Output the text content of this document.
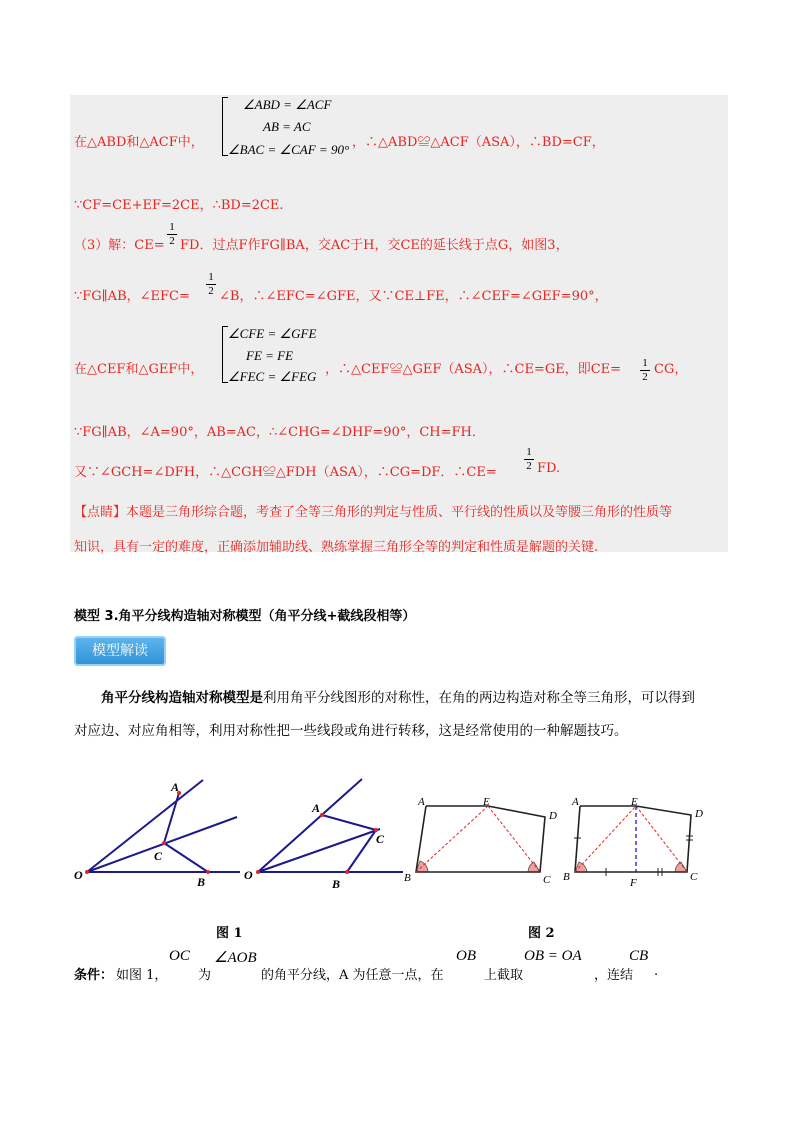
在△ABD和△ACF中，
∠ABD = ∠ACF
AB = AC
∠BAC = ∠CAF = 90° ，∴△ABD≌△ACF（ASA），∴BD=CF，
∵CF=CE+EF=2CE，∴BD=2CE.
（3）解：CE=
1
2 FD．过点F作FG∥BA，交AC于H，交CE的延长线于点G，如图3，
∵FG∥AB，∠EFC=
1
2 ∠B，∴∠EFC=∠GFE，又∵CE⊥FE，∴∠CEF=∠GEF=90°，
在△CEF和△GEF中，
∠CFE = ∠GFE
FE = FE
∠FEC = ∠FEG ，∴△CEF≌△GEF（ASA），∴CE=GE，即CE= 1
2 CG，
∵FG∥AB，∠A=90°，AB=AC，∴∠CHG=∠DHF=90°，CH=FH．
又∵∠GCH=∠DFH，∴△CGH≌△FDH（ASA），∴CG=DF．∴CE=
1
2 FD.
【点睛】本题是三角形综合题，考查了全等三角形的判定与性质、平行线的性质以及等腰三角形的性质等
知识，具有一定的难度，正确添加辅助线、熟练掌握三角形全等的判定和性质是解题的关键.
模型 3.角平分线构造轴对称模型（角平分线+截线段相等）
模型解读
角平分线构造轴对称模型是利用角平分线图形的对称性，在角的两边构造对称全等三角形，可以得到
对应边、对应角相等，利用对称性把一些线段或角进行转移，这是经常使用的一种解题技巧。
A
C
O	B
A
C
O
B
A	E
D
B	C
A	E
D
B	F	C
图 1	图 2
条件： 如图 1，
OC
为
∠AOB
的角平分线，A 为任意一点，在
OB
上截取
OB = OA
，连结
CB
.
